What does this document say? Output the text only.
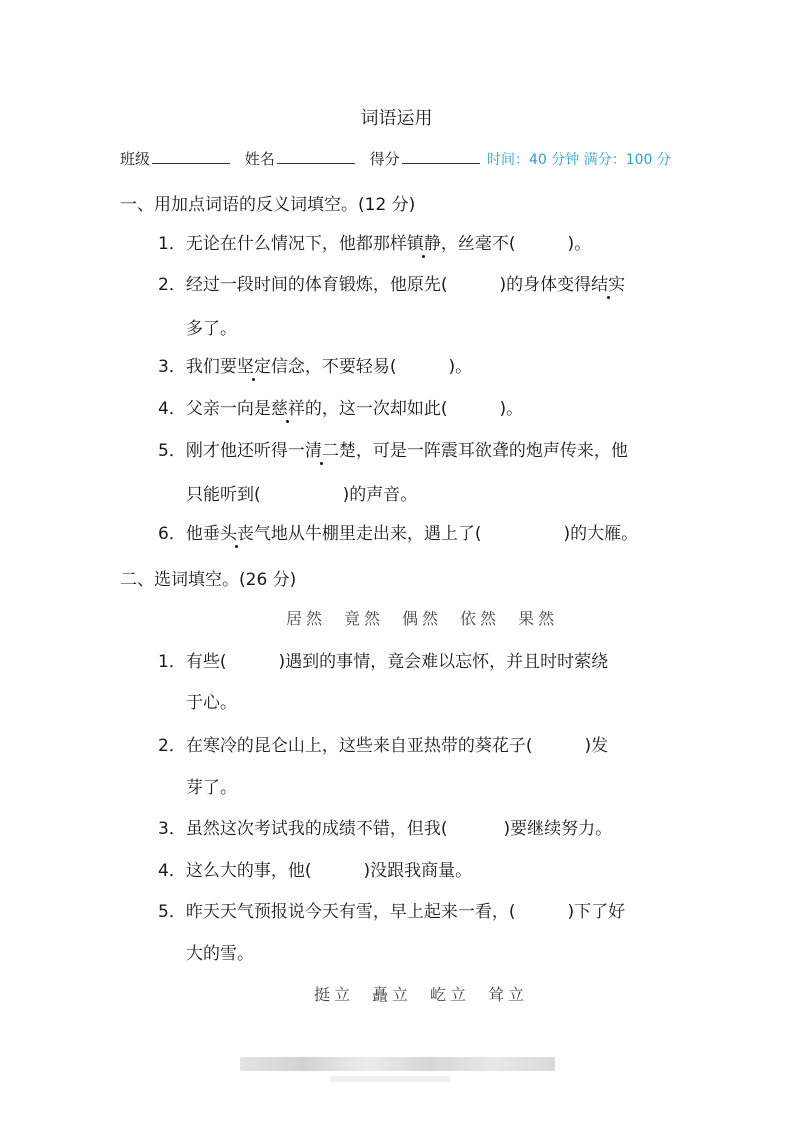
词语运用
班级	姓名	得分	时间：40 分钟 满分：100 分
一、用加点词语的反义词填空。(12 分)
1．无论在什么情况下，他都那样镇静，丝毫不(	)。
2．经过一段时间的体育锻炼，他原先(	)的身体变得结实
多了。
3．我们要坚定信念，不要轻易(	)。
4．父亲一向是慈祥的，这一次却如此(	)。
5．刚才他还听得一清二楚，可是一阵震耳欲聋的炮声传来，他
只能听到(	)的声音。
6．他垂头丧气地从牛棚里走出来，遇上了(	)的大雁。
二、选词填空。(26 分)
居然 竟然 偶然 依然 果然
1．有些(	)遇到的事情，竟会难以忘怀，并且时时萦绕
于心。
2．在寒冷的昆仑山上，这些来自亚热带的葵花子(	)发
芽了。
3．虽然这次考试我的成绩不错，但我(	)要继续努力。
4．这么大的事，他(	)没跟我商量。
5．昨天天气预报说今天有雪，早上起来一看，(	)下了好
大的雪。
挺立 矗立 屹立 耸立
